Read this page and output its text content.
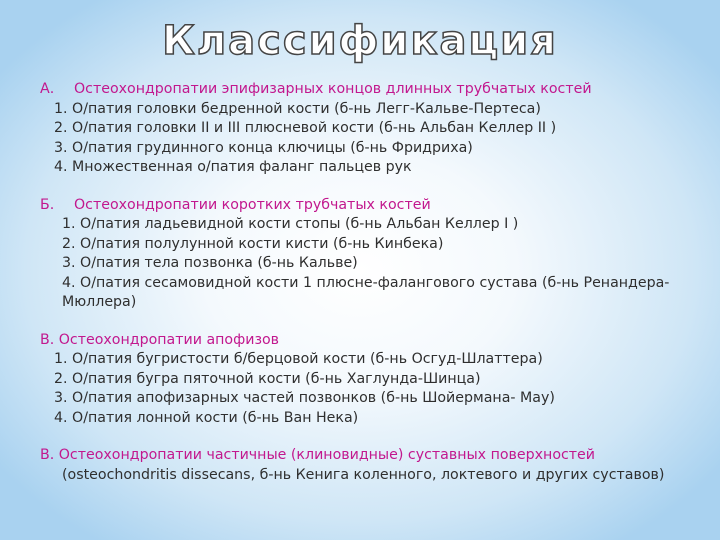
Классификация
А. Остеохондропатии эпифизарных концов длинных трубчатых костей
1. О/патия головки бедренной кости (б-нь Легг-Кальве-Пертеса)
2. О/патия головки II и III плюсневой кости (б-нь Альбан Келлер II )
3. О/патия грудинного конца ключицы (б-нь Фридриха)
4. Множественная о/патия фаланг пальцев рук
Б. Остеохондропатии коротких трубчатых костей
1. О/патия ладьевидной кости стопы (б-нь Альбан Келлер I )
2. О/патия полулунной кости кисти (б-нь Кинбека)
3. О/патия тела позвонка (б-нь Кальве)
4. О/патия сесамовидной кости 1 плюсне-фалангового сустава (б-нь Ренандера-Мюллера)
В. Остеохондропатии апофизов
1. О/патия бугристости б/берцовой кости (б-нь Осгуд-Шлаттера)
2. О/патия бугра пяточной кости (б-нь Хаглунда-Шинца)
3. О/патия апофизарных частей позвонков (б-нь Шойермана- Мау)
4. О/патия лонной кости (б-нь Ван Нека)
В. Остеохондропатии частичные (клиновидные) суставных поверхностей
(osteochondritis dissecans, б-нь Кенига коленного, локтевого и других суставов)
